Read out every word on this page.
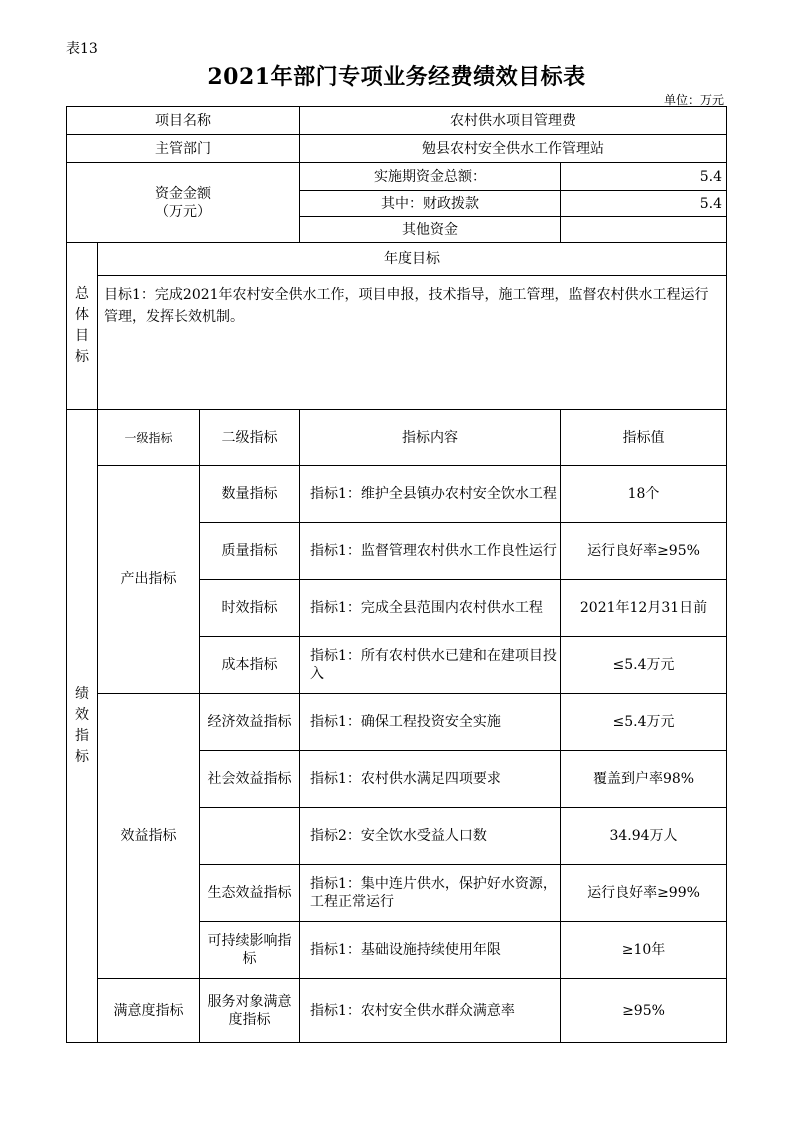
表13
2021年部门专项业务经费绩效目标表
单位：万元
项目名称			农村供水项目管理费	
主管部门			勉县农村安全供水工作管理站	

资金金额
（万元）			实施期资金总额：	5.4
			其中：财政拨款	5.4
			其他资金	
总体目标	年度目标			
	目标1：完成2021年农村安全供水工作，项目申报，技术指导，施工管理，监督农村供水工程运行管理，发挥长效机制。			
绩效指标	一级指标	二级指标	指标内容	指标值
	产出指标	数量指标	指标1：维护全县镇办农村安全饮水工程	18个
		质量指标	指标1：监督管理农村供水工作良性运行	运行良好率≥95%
		时效指标	指标1：完成全县范围内农村供水工程	2021年12月31日前
		成本指标	指标1：所有农村供水已建和在建项目投入	≤5.4万元
	效益指标	经济效益指标	指标1：确保工程投资安全实施	≤5.4万元
		社会效益指标	指标1：农村供水满足四项要求	覆盖到户率98%
			指标2：安全饮水受益人口数	34.94万人
		生态效益指标	指标1：集中连片供水，保护好水资源，工程正常运行	运行良好率≥99%
		可持续影响指标	指标1：基础设施持续使用年限	≥10年
	满意度指标	服务对象满意度指标	指标1：农村安全供水群众满意率	≥95%
